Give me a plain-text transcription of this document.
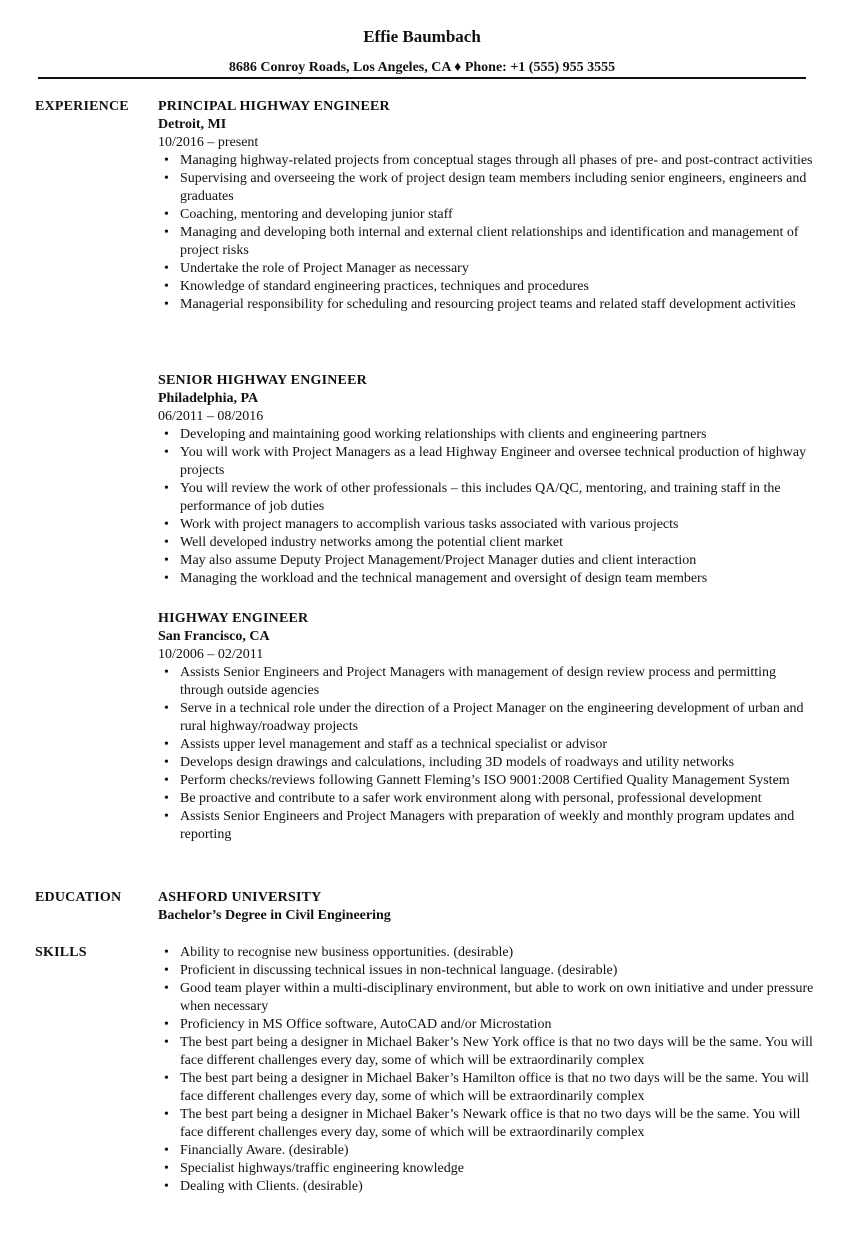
Effie Baumbach
8686 Conroy Roads, Los Angeles, CA ♦ Phone: +1 (555) 955 3555
EXPERIENCE	PRINCIPAL HIGHWAY ENGINEER
Detroit, MI
10/2016 – present
• Managing highway-related projects from conceptual stages through all phases of pre- and post-contract activities
• Supervising and overseeing the work of project design team members including senior engineers, engineers and graduates
• Coaching, mentoring and developing junior staff
• Managing and developing both internal and external client relationships and identification and management of project risks
• Undertake the role of Project Manager as necessary
• Knowledge of standard engineering practices, techniques and procedures
• Managerial responsibility for scheduling and resourcing project teams and related staff development activities
SENIOR HIGHWAY ENGINEER
Philadelphia, PA
06/2011 – 08/2016
• Developing and maintaining good working relationships with clients and engineering partners
• You will work with Project Managers as a lead Highway Engineer and oversee technical production of highway projects
• You will review the work of other professionals – this includes QA/QC, mentoring, and training staff in the performance of job duties
• Work with project managers to accomplish various tasks associated with various projects
• Well developed industry networks among the potential client market
• May also assume Deputy Project Management/Project Manager duties and client interaction
• Managing the workload and the technical management and oversight of design team members
HIGHWAY ENGINEER
San Francisco, CA
10/2006 – 02/2011
• Assists Senior Engineers and Project Managers with management of design review process and permitting through outside agencies
• Serve in a technical role under the direction of a Project Manager on the engineering development of urban and rural highway/roadway projects
• Assists upper level management and staff as a technical specialist or advisor
• Develops design drawings and calculations, including 3D models of roadways and utility networks
• Perform checks/reviews following Gannett Fleming’s ISO 9001:2008 Certified Quality Management System
• Be proactive and contribute to a safer work environment along with personal, professional development
• Assists Senior Engineers and Project Managers with preparation of weekly and monthly program updates and reporting
EDUCATION	ASHFORD UNIVERSITY
Bachelor’s Degree in Civil Engineering
SKILLS
•	Ability to recognise new business opportunities. (desirable)
• Proficient in discussing technical issues in non-technical language. (desirable)
• Good team player within a multi-disciplinary environment, but able to work on own initiative and under pressure when necessary
• Proficiency in MS Office software, AutoCAD and/or Microstation
• The best part being a designer in Michael Baker’s New York office is that no two days will be the same. You will face different challenges every day, some of which will be extraordinarily complex
• The best part being a designer in Michael Baker’s Hamilton office is that no two days will be the same. You will face different challenges every day, some of which will be extraordinarily complex
• The best part being a designer in Michael Baker’s Newark office is that no two days will be the same. You will face different challenges every day, some of which will be extraordinarily complex
• Financially Aware. (desirable)
• Specialist highways/traffic engineering knowledge
• Dealing with Clients. (desirable)
